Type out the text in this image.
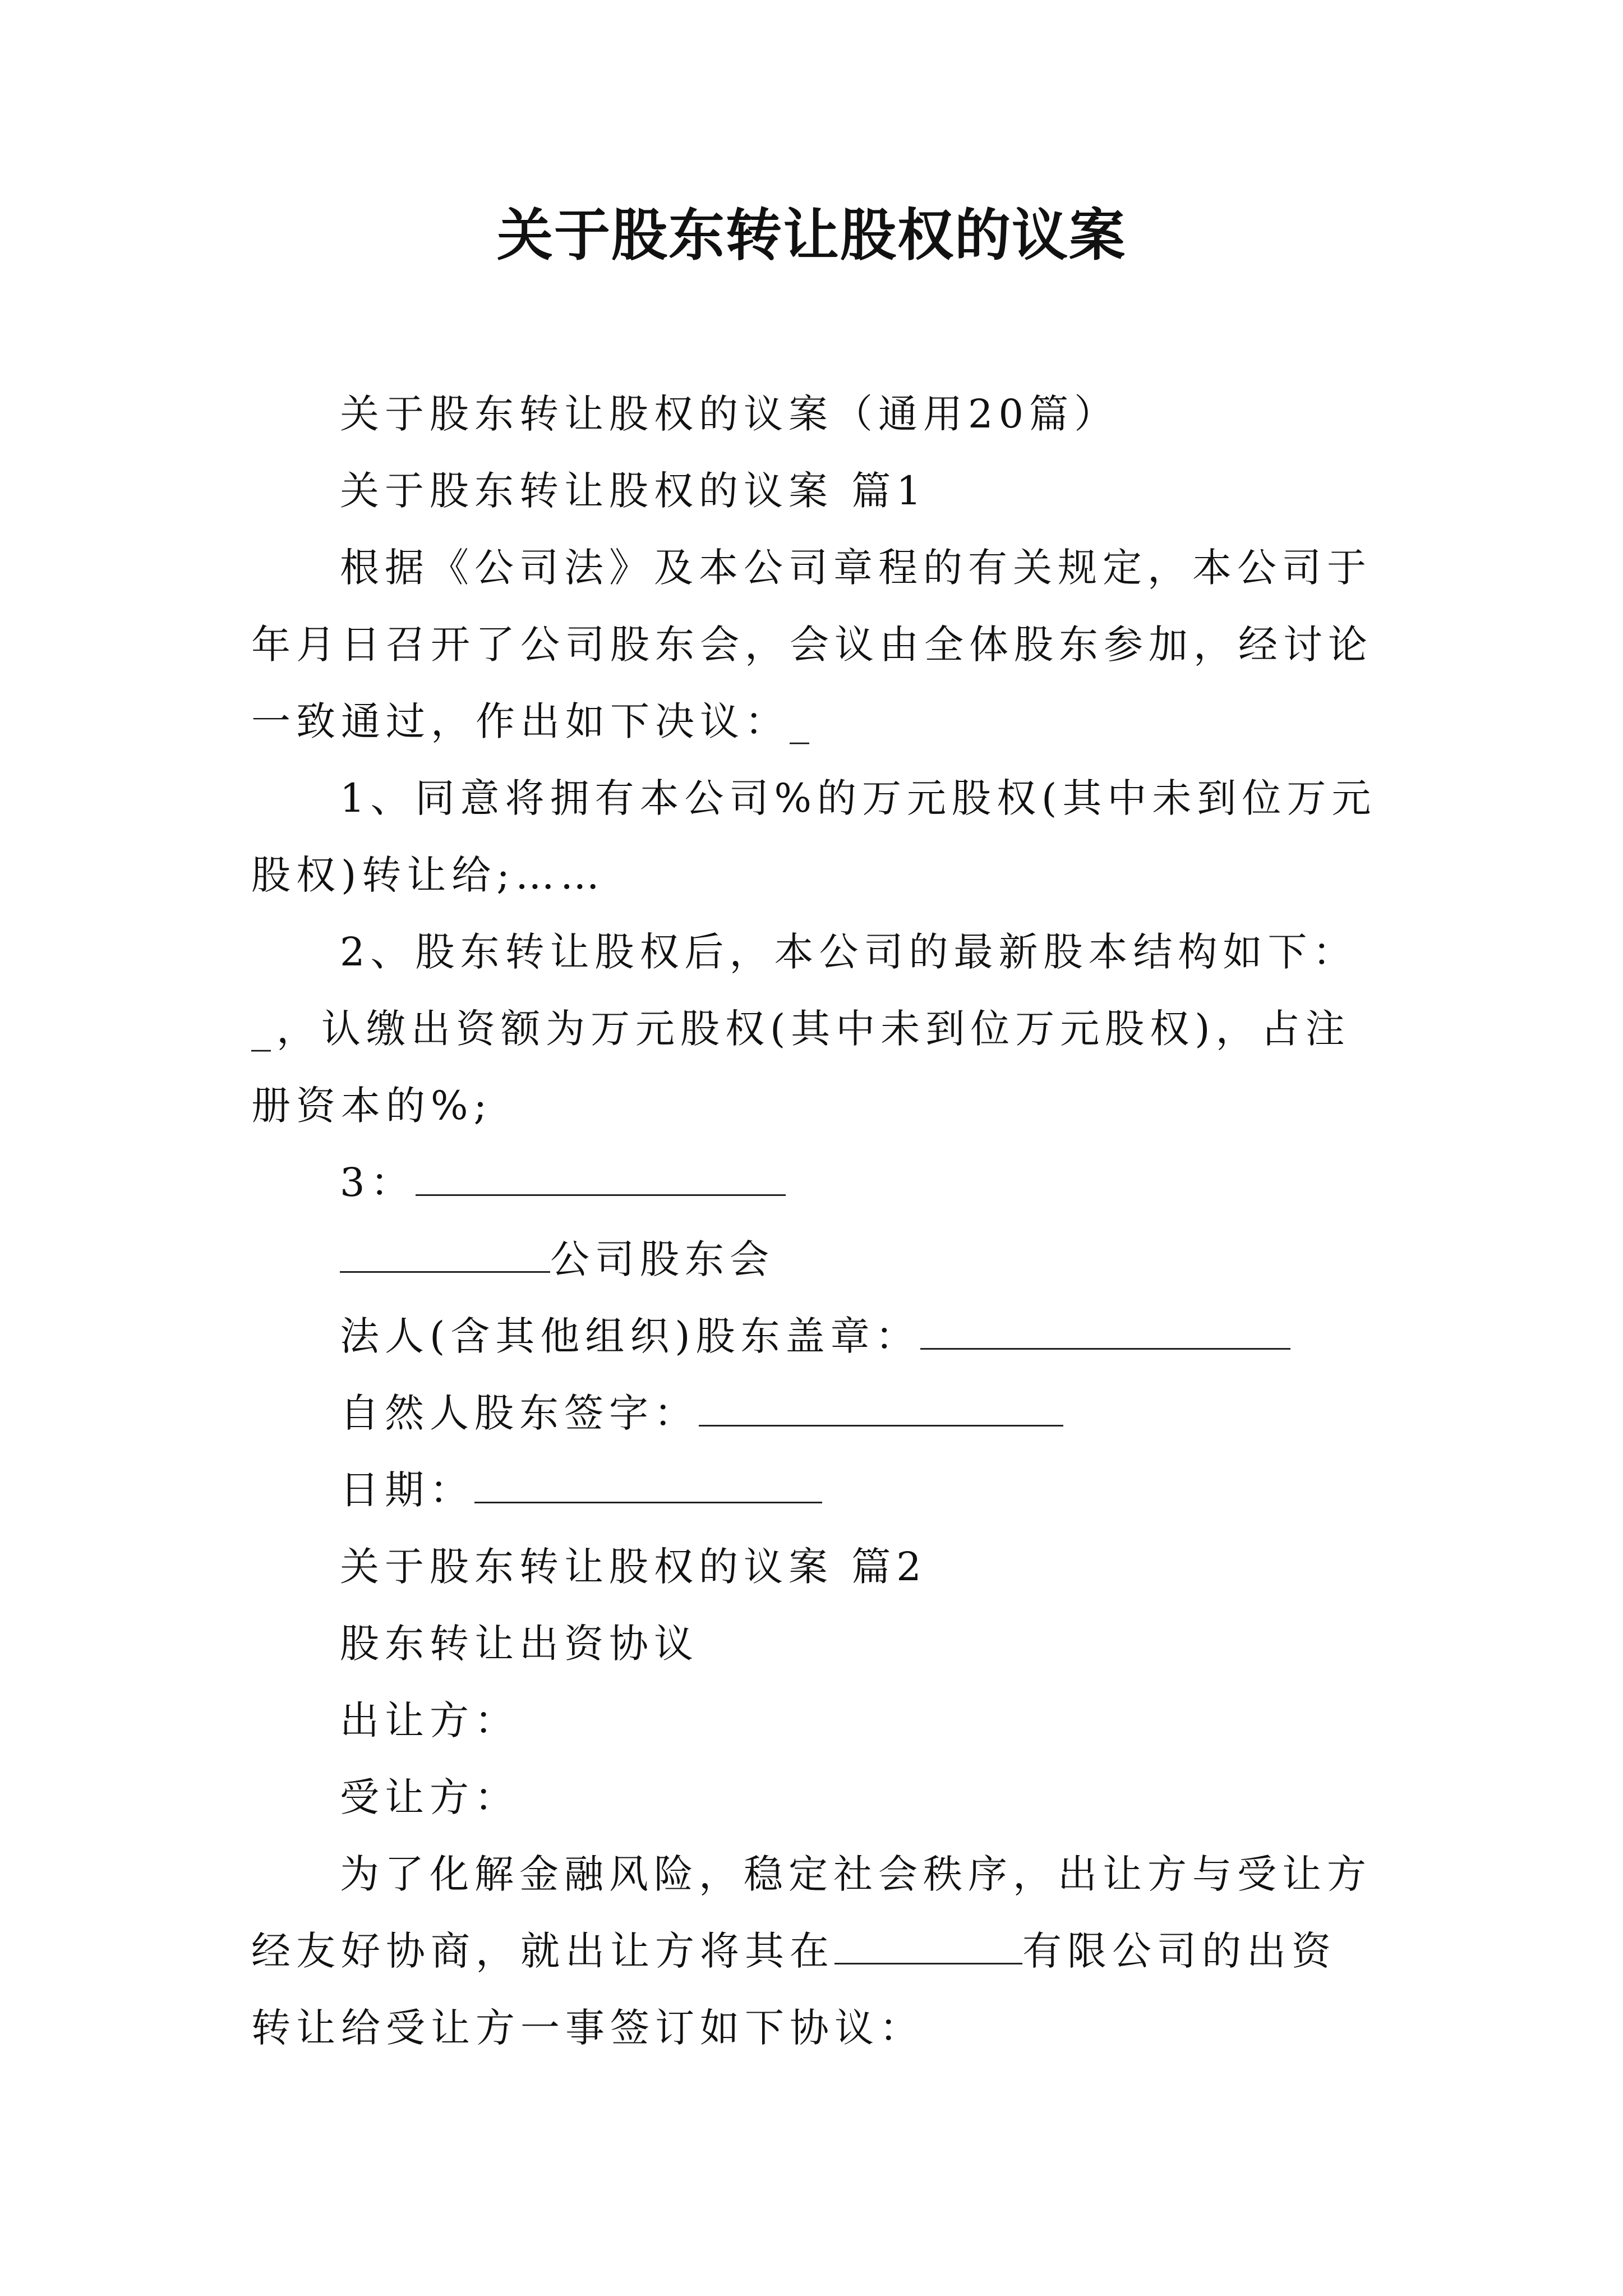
关于股东转让股权的议案

关于股东转让股权的议案（通用20篇）

关于股东转让股权的议案 篇1

根据《公司法》及本公司章程的有关规定，本公司于年月日召开了公司股东会，会议由全体股东参加，经讨论一致通过，作出如下决议：_

1、同意将拥有本公司%的万元股权(其中未到位万元股权)转让给;……

2、股东转让股权后，本公司的最新股本结构如下：_，认缴出资额为万元股权(其中未到位万元股权)，占注册资本的%;

3：

公司股东会

法人(含其他组织)股东盖章：

自然人股东签字：

日期：

关于股东转让股权的议案 篇2

股东转让出资协议

出让方：

受让方：

为了化解金融风险，稳定社会秩序，出让方与受让方经友好协商，就出让方将其在	有限公司的出资转让给受让方一事签订如下协议：
